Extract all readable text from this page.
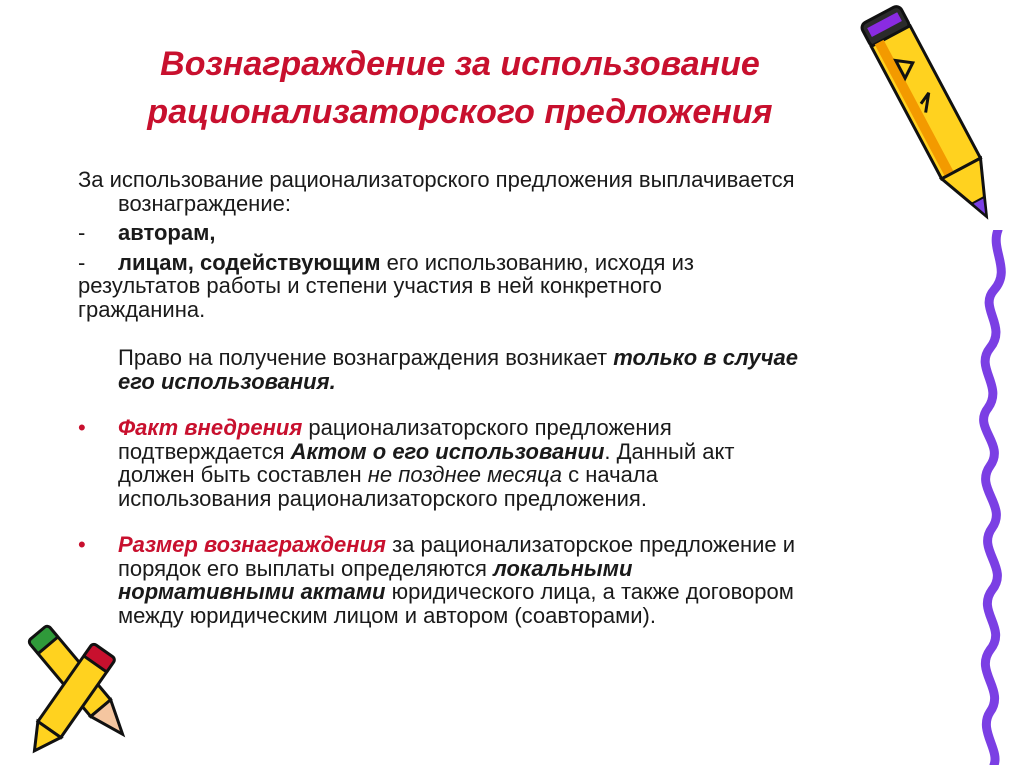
Вознаграждение за использование
рационализаторского предложения
За использование рационализаторского предложения выплачивается
вознаграждение:
- авторам,
- лицам, содействующим его использованию, исходя из
результатов работы и степени участия в ней конкретного
гражданина.
Право на получение вознаграждения возникает только в случае
его использования.
• Факт внедрения рационализаторского предложения
подтверждается Актом о его использовании. Данный акт
должен быть составлен не позднее месяца с начала
использования рационализаторского предложения.
• Размер вознаграждения за рационализаторское предложение и
порядок его выплаты определяются локальными
нормативными актами юридического лица, а также договором
между юридическим лицом и автором (соавторами).
